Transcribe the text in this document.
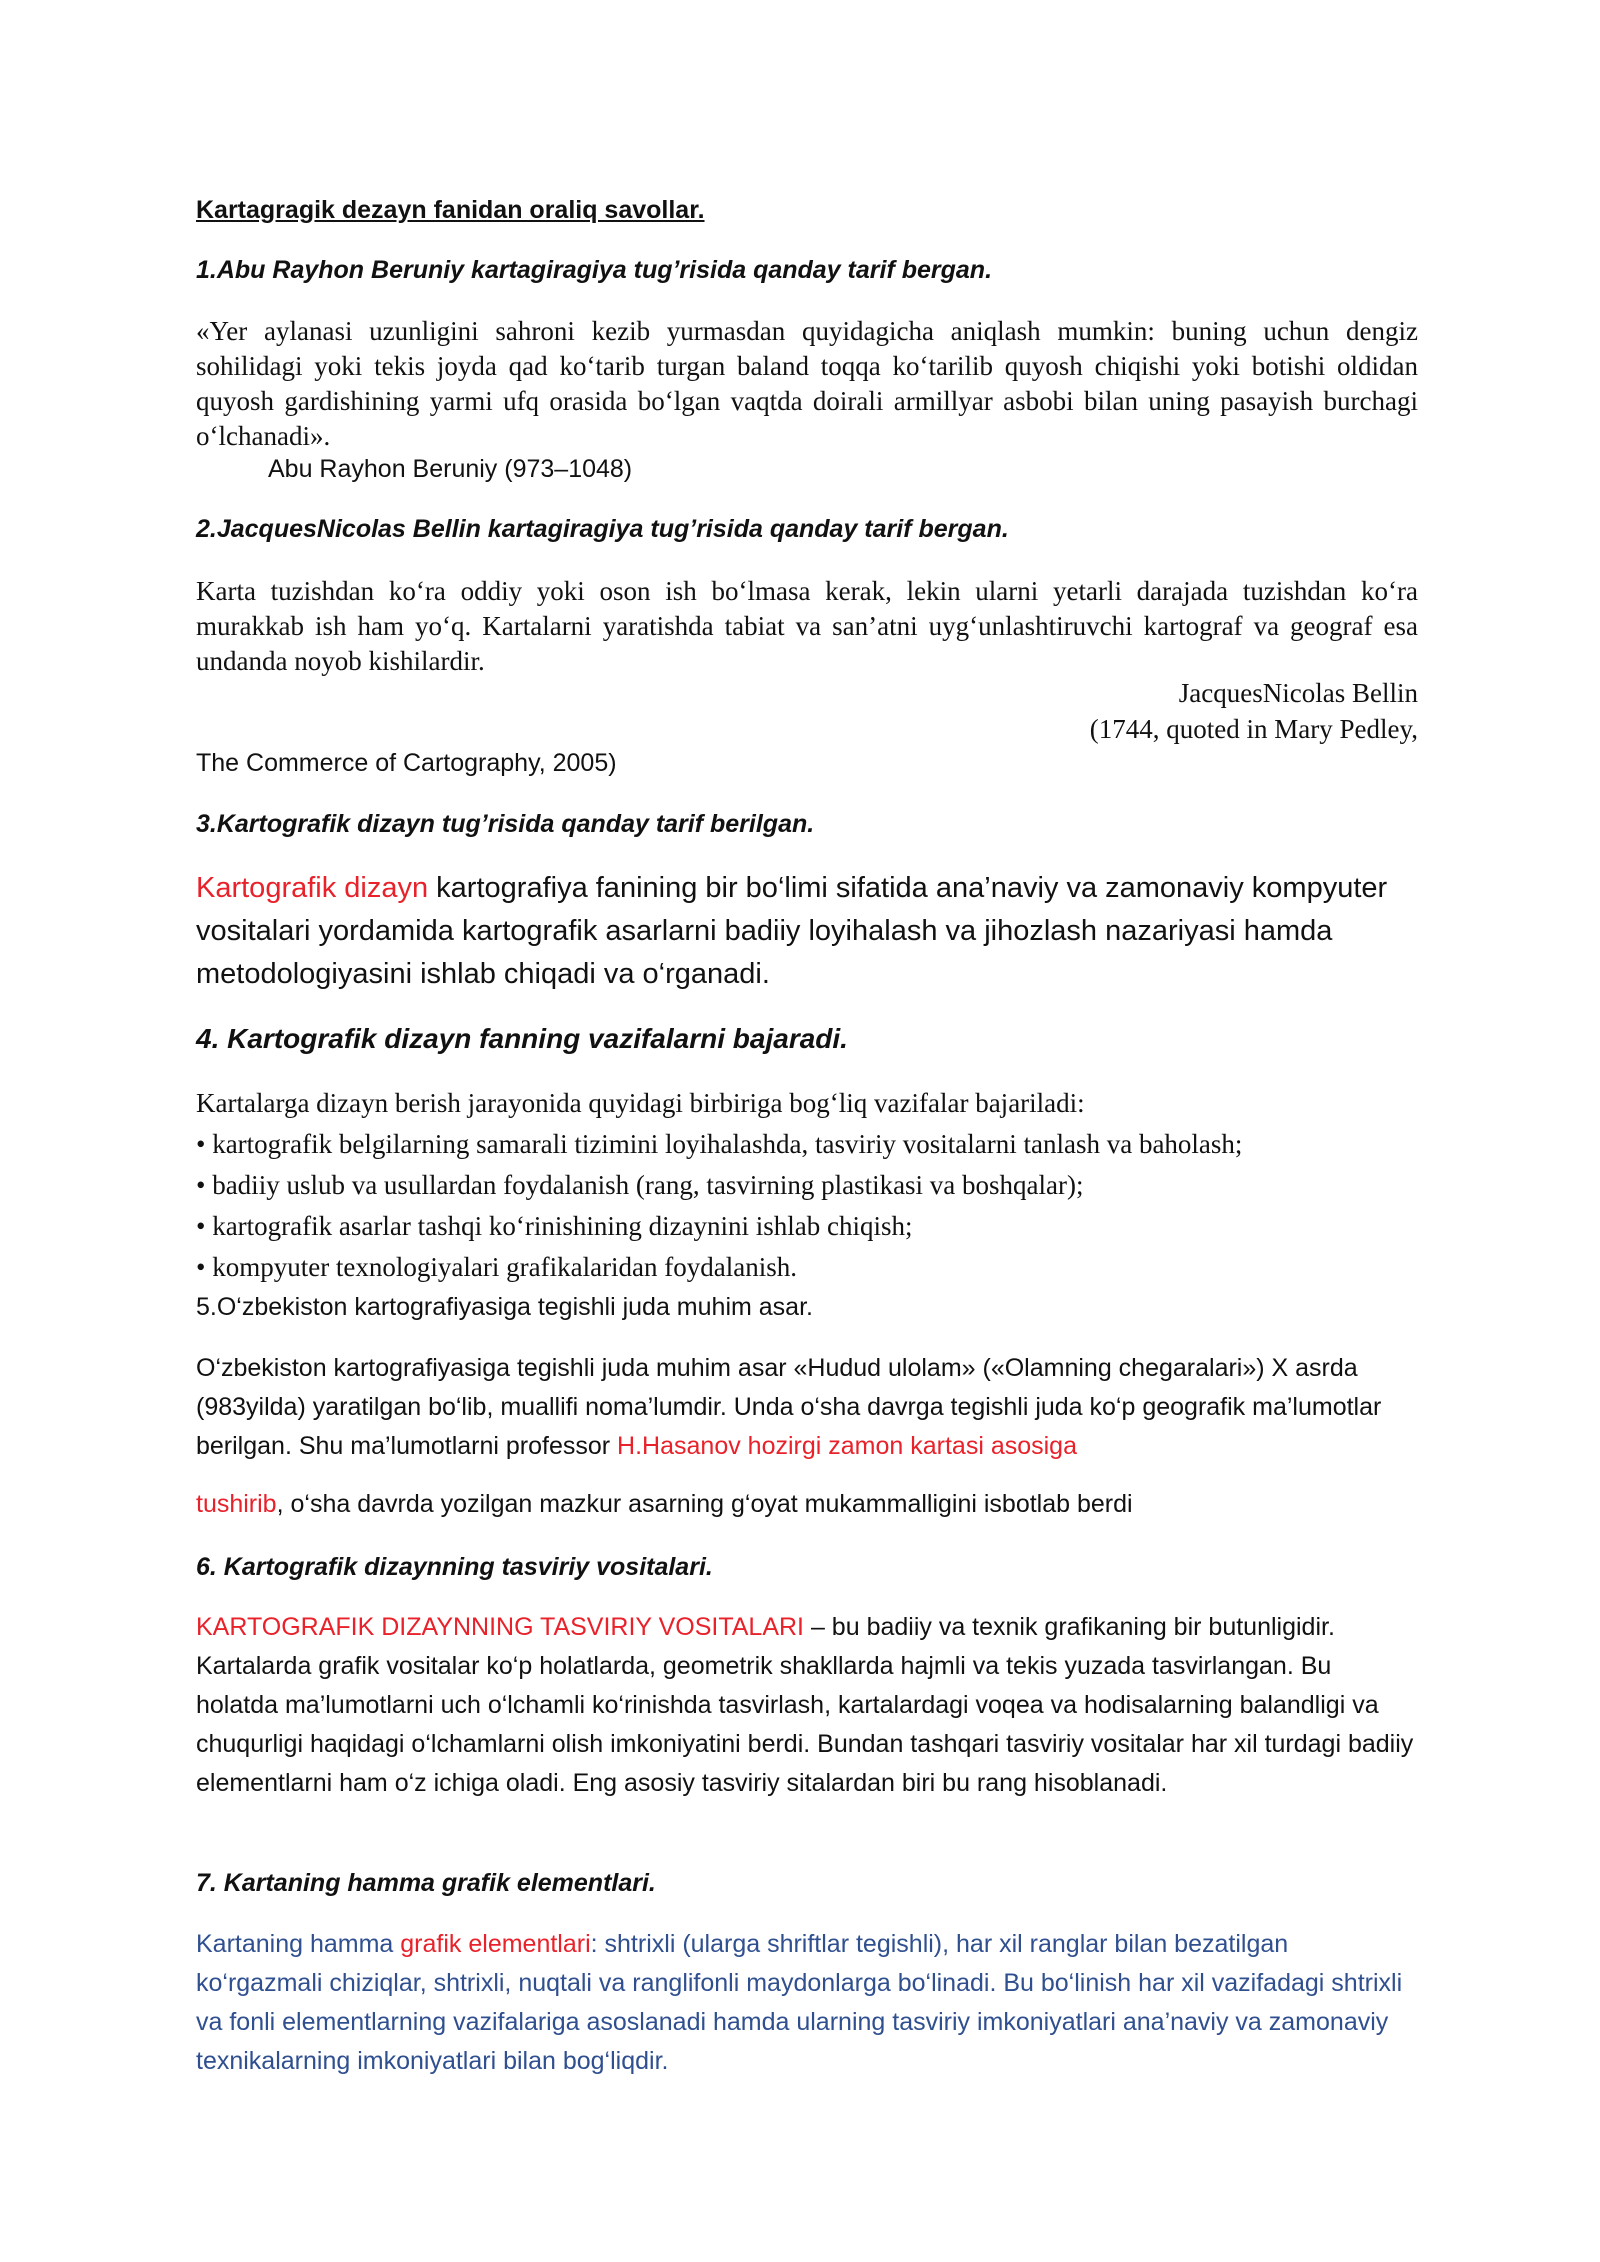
Kartagragik dezayn fanidan oraliq savollar.
1.Abu Rayhon Beruniy kartagiragiya tug’risida qanday tarif bergan.
«Yer aylanasi uzunligini sahroni kezib yurmasdan quyidagicha aniqlash mumkin: buning uchun dengiz sohilidagi yoki tekis joyda qad ko‘tarib turgan baland toqqa ko‘tarilib quyosh chiqishi yoki botishi oldidan quyosh gardishining yarmi ufq orasida bo‘lgan vaqtda doirali armillyar asbobi bilan uning pasayish burchagi o‘lchanadi».
Abu Rayhon Beruniy (973–1048)
2.JacquesNicolas Bellin kartagiragiya tug’risida qanday tarif bergan.
Karta tuzishdan ko‘ra oddiy yoki oson ish bo‘lmasa kerak, lekin ularni yetarli darajada tuzishdan ko‘ra murakkab ish ham yo‘q. Kartalarni yaratishda tabiat va san’atni uyg‘unlashtiruvchi kartograf va geograf esa undanda noyob kishilardir.
JacquesNicolas Bellin
(1744, quoted in Mary Pedley,
The Commerce of Cartography, 2005)
3.Kartografik dizayn tug’risida qanday tarif berilgan.
Kartografik dizayn kartografiya fanining bir bo‘limi sifatida ana’naviy va zamonaviy kompyuter vositalari yordamida kartografik asarlarni badiiy loyihalash va jihozlash nazariyasi hamda metodologiyasini ishlab chiqadi va o‘rganadi.
4. Kartografik dizayn fanning vazifalarni bajaradi.
Kartalarga dizayn berish jarayonida quyidagi birbiriga bog‘liq vazifalar bajariladi:
• kartografik belgilarning samarali tizimini loyihalashda, tasviriy vositalarni tanlash va baholash;
• badiiy uslub va usullardan foydalanish (rang, tasvirning plastikasi va boshqalar);
• kartografik asarlar tashqi ko‘rinishining dizaynini ishlab chiqish;
• kompyuter texnologiyalari grafikalaridan foydalanish.
5.O‘zbekiston kartografiyasiga tegishli juda muhim asar.
O‘zbekiston kartografiyasiga tegishli juda muhim asar «Hudud ulolam» («Olamning chegaralari») X asrda (983yilda) yaratilgan bo‘lib, muallifi noma’lumdir. Unda o‘sha davrga tegishli juda ko‘p geografik ma’lumotlar berilgan. Shu ma’lumotlarni professor H.Hasanov hozirgi zamon kartasi asosiga
tushirib, o‘sha davrda yozilgan mazkur asarning g‘oyat mukammalligini isbotlab berdi
6. Kartografik dizaynning tasviriy vositalari.
KARTOGRAFIK DIZAYNNING TASVIRIY VOSITALARI – bu badiiy va texnik grafikaning bir butunligidir. Kartalarda grafik vositalar ko‘p holatlarda, geometrik shakllarda hajmli va tekis yuzada tasvirlangan. Bu holatda ma’lumotlarni uch o‘lchamli ko‘rinishda tasvirlash, kartalardagi voqea va hodisalarning balandligi va chuqurligi haqidagi o‘lchamlarni olish imkoniyatini berdi. Bundan tashqari tasviriy vositalar har xil turdagi badiiy elementlarni ham o‘z ichiga oladi. Eng asosiy tasviriy sitalardan biri bu rang hisoblanadi.
7. Kartaning hamma grafik elementlari.
Kartaning hamma grafik elementlari: shtrixli (ularga shriftlar tegishli), har xil ranglar bilan bezatilgan ko‘rgazmali chiziqlar, shtrixli, nuqtali va ranglifonli maydonlarga bo‘linadi. Bu bo‘linish har xil vazifadagi shtrixli va fonli elementlarning vazifalariga asoslanadi hamda ularning tasviriy imkoniyatlari ana’naviy va zamonaviy texnikalarning imkoniyatlari bilan bog‘liqdir.
